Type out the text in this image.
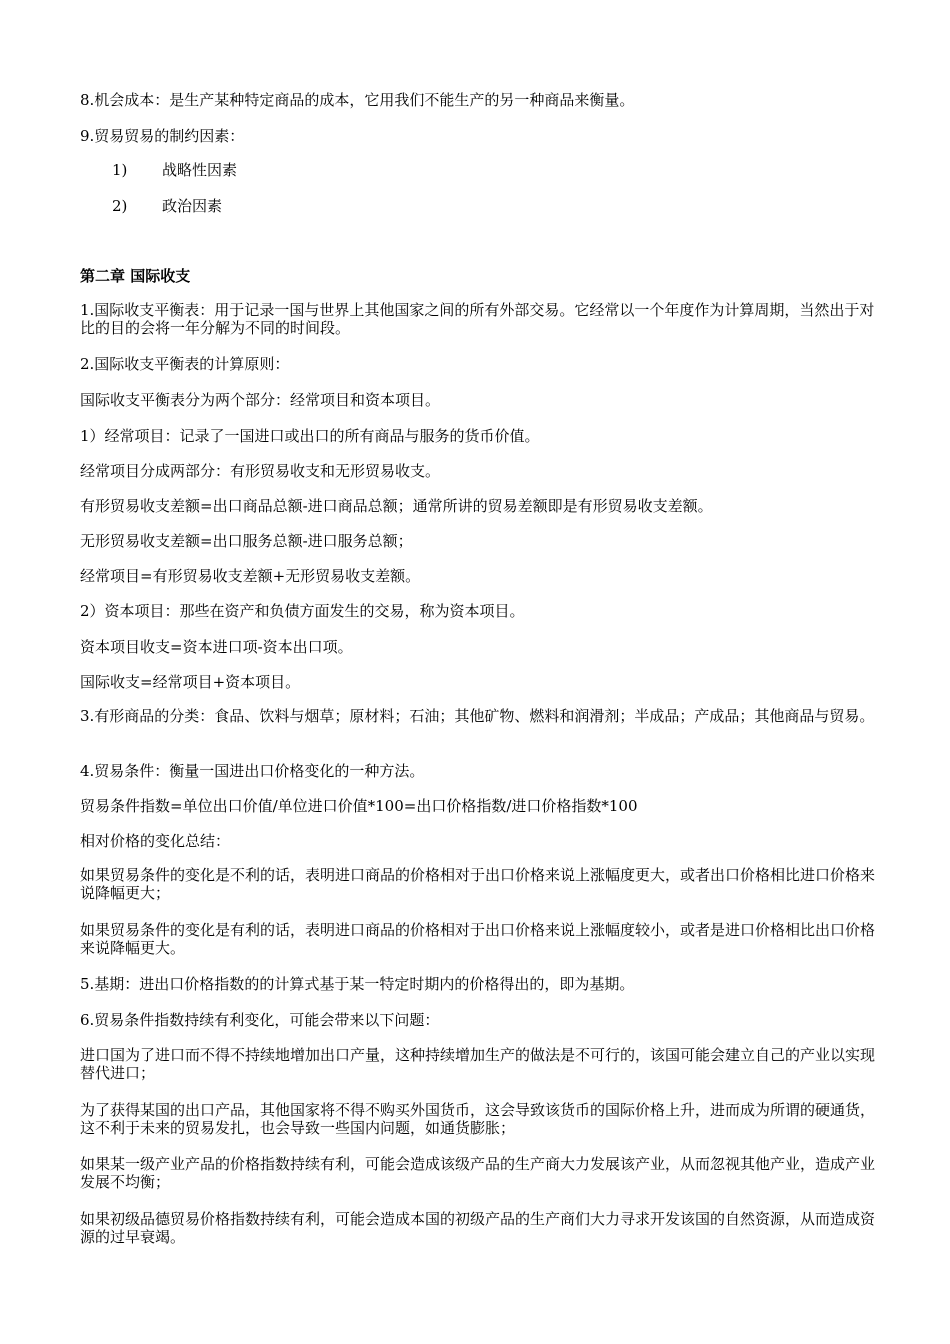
8.机会成本：是生产某种特定商品的成本，它用我们不能生产的另一种商品来衡量。

9.贸易贸易的制约因素：

1) 战略性因素

2) 政治因素

第二章 国际收支

1.国际收支平衡表：用于记录一国与世界上其他国家之间的所有外部交易。它经常以一个年度作为计算周期，当然出于对比的目的会将一年分解为不同的时间段。

2.国际收支平衡表的计算原则：

国际收支平衡表分为两个部分：经常项目和资本项目。

1）经常项目：记录了一国进口或出口的所有商品与服务的货币价值。

经常项目分成两部分：有形贸易收支和无形贸易收支。

有形贸易收支差额=出口商品总额-进口商品总额；通常所讲的贸易差额即是有形贸易收支差额。

无形贸易收支差额=出口服务总额-进口服务总额；

经常项目=有形贸易收支差额+无形贸易收支差额。

2）资本项目：那些在资产和负债方面发生的交易，称为资本项目。

资本项目收支=资本进口项-资本出口项。

国际收支=经常项目+资本项目。

3.有形商品的分类：食品、饮料与烟草；原材料；石油；其他矿物、燃料和润滑剂；半成品；产成品；其他商品与贸易。

4.贸易条件：衡量一国进出口价格变化的一种方法。

贸易条件指数=单位出口价值/单位进口价值*100=出口价格指数/进口价格指数*100

相对价格的变化总结：

如果贸易条件的变化是不利的话，表明进口商品的价格相对于出口价格来说上涨幅度更大，或者出口价格相比进口价格来说降幅更大；

如果贸易条件的变化是有利的话，表明进口商品的价格相对于出口价格来说上涨幅度较小，或者是进口价格相比出口价格来说降幅更大。

5.基期：进出口价格指数的的计算式基于某一特定时期内的价格得出的，即为基期。

6.贸易条件指数持续有利变化，可能会带来以下问题：

进口国为了进口而不得不持续地增加出口产量，这种持续增加生产的做法是不可行的，该国可能会建立自己的产业以实现替代进口；

为了获得某国的出口产品，其他国家将不得不购买外国货币，这会导致该货币的国际价格上升，进而成为所谓的硬通货，这不利于未来的贸易发扎，也会导致一些国内问题，如通货膨胀；

如果某一级产业产品的价格指数持续有利，可能会造成该级产品的生产商大力发展该产业，从而忽视其他产业，造成产业发展不均衡；

如果初级品德贸易价格指数持续有利，可能会造成本国的初级产品的生产商们大力寻求开发该国的自然资源，从而造成资源的过早衰竭。
